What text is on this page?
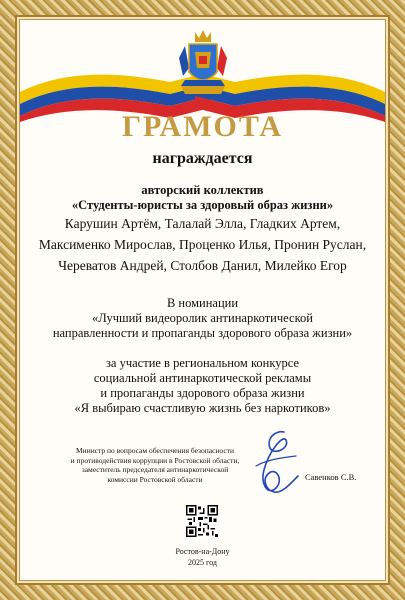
ГРАМОТА
награждается
авторский коллектив
«Студенты-юристы за здоровый образ жизни»
Карушин Артём, Талалай Элла, Гладких Артем,
Максименко Мирослав, Проценко Илья, Пронин Руслан,
Череватов Андрей, Столбов Данил, Милейко Егор
В номинации
«Лучший видеоролик антинаркотической
направленности и пропаганды здорового образа жизни»
за участие в региональном конкурсе
социальной антинаркотической рекламы
и пропаганды здорового образа жизни
«Я выбираю счастливую жизнь без наркотиков»
Министр по вопросам обеспечения безопасности
и противодействия коррупции в Ростовской области,
заместитель председателя антинаркотической
комиссии Ростовской области	Савенков С.В.
Ростов-на-Дону
2025 год
